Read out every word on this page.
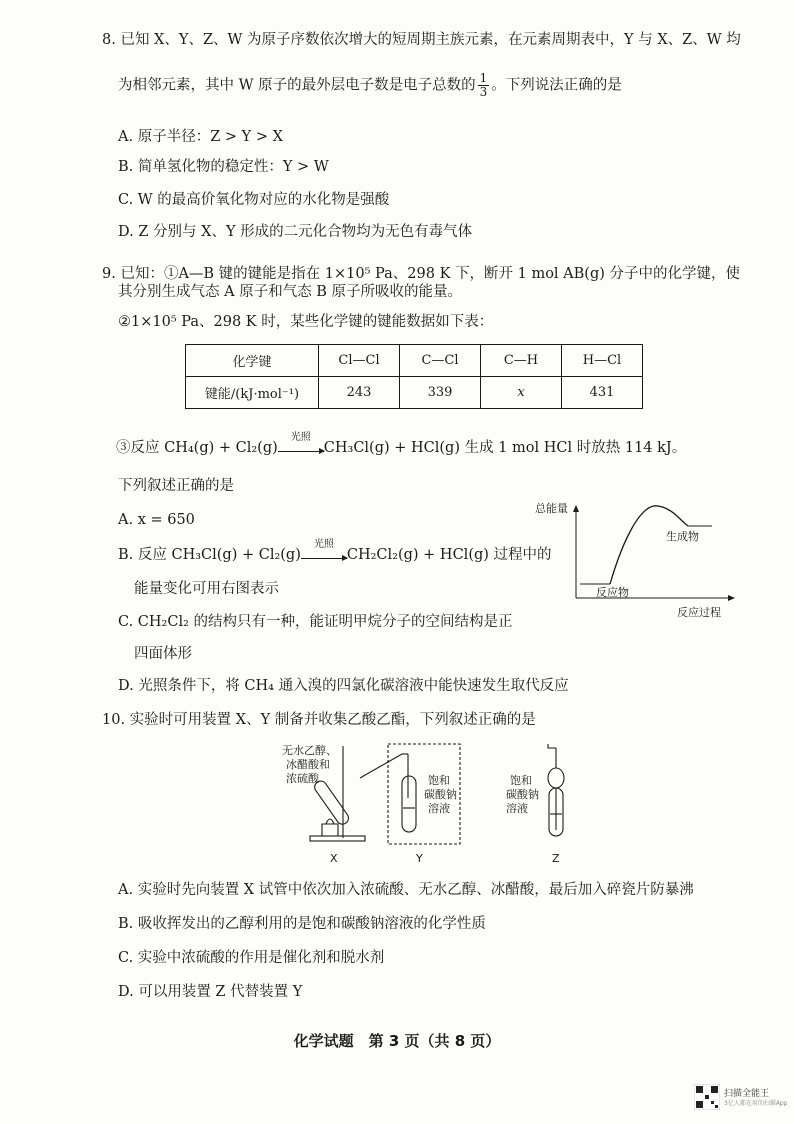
8. 已知 X、Y、Z、W 为原子序数依次增大的短周期主族元素，在元素周期表中，Y 与 X、Z、W 均
为相邻元素，其中 W 原子的最外层电子数是电子总数的 $\frac{1}{3}$ 。下列说法正确的是
A. 原子半径：Z > Y > X
B. 简单氢化物的稳定性：Y > W
C. W 的最高价氧化物对应的水化物是强酸
D. Z 分别与 X、Y 形成的二元化合物均为无色有毒气体
9. 已知：①A—B 键的键能是指在 1×10⁵ Pa、298 K 下，断开 1 mol AB(g) 分子中的化学键，使
其分别生成气态 A 原子和气态 B 原子所吸收的能量。
②1×10⁵ Pa、298 K 时，某些化学键的键能数据如下表：
化学键	Cl—Cl	C—Cl	C—H	H—Cl
键能/(kJ·mol⁻¹)	243	339	x	431
③反应 CH₄(g) + Cl₂(g)
光照
CH₃Cl(g) + HCl(g) 生成 1 mol HCl 时放热 114 kJ。
下列叙述正确的是
A. x = 650
B. 反应 CH₃Cl(g) + Cl₂(g)
光照
CH₂Cl₂(g) + HCl(g) 过程中的
能量变化可用右图表示
C. CH₂Cl₂ 的结构只有一种，能证明甲烷分子的空间结构是正
四面体形
D. 光照条件下，将 CH₄ 通入溴的四氯化碳溶液中能快速发生取代反应
总能量
生成物
反应物
反应过程
10. 实验时可用装置 X、Y 制备并收集乙酸乙酯，下列叙述正确的是
无水乙醇、
冰醋酸和
浓硫酸	饱和
碳酸钠
溶液
饱和
碳酸钠
溶液
X	Y	Z
A. 实验时先向装置 X 试管中依次加入浓硫酸、无水乙醇、冰醋酸，最后加入碎瓷片防暴沸
B. 吸收挥发出的乙醇利用的是饱和碳酸钠溶液的化学性质
C. 实验中浓硫酸的作用是催化剂和脱水剂
D. 可以用装置 Z 代替装置 Y
化学试题　第 3 页（共 8 页）
扫描全能王
3亿人都在用的扫描App
